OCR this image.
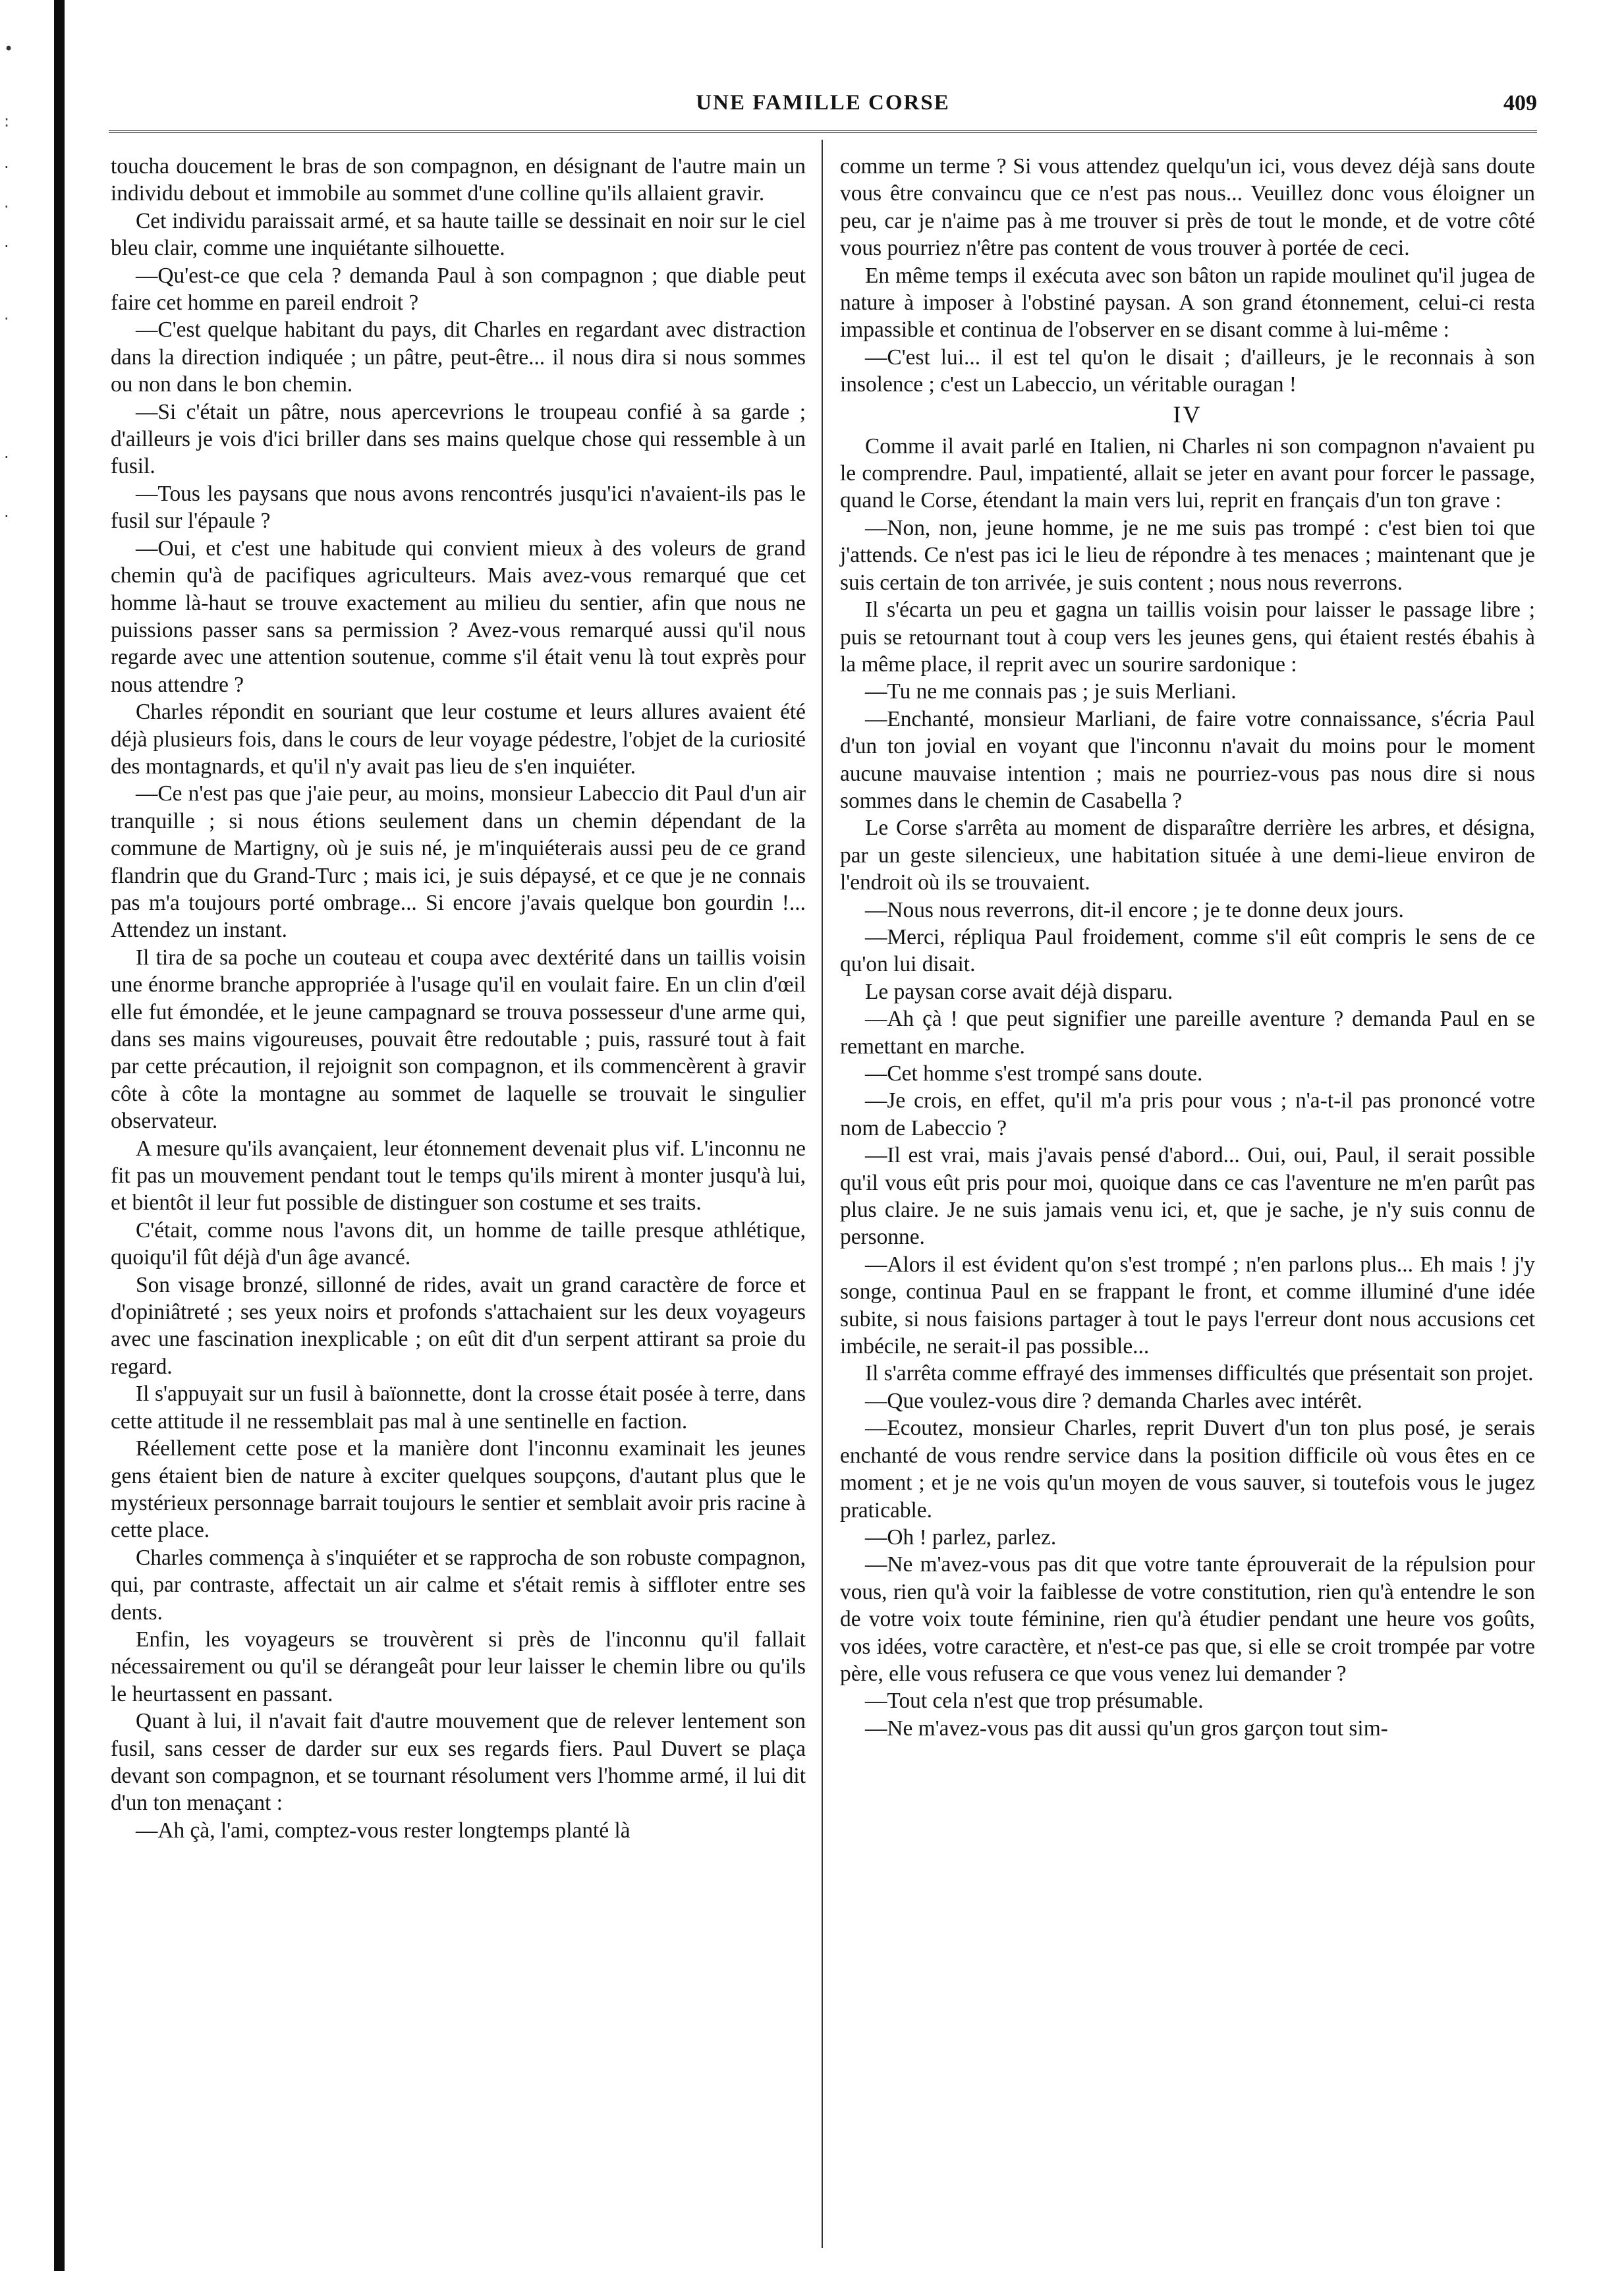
•
:
·
·
·
·
·
·
UNE FAMILLE CORSE	409

touchа doucement le bras de son compagnon, en désignant de l'autre main un individu debout et immobile au sommet d'une colline qu'ils allaient gravir.

Cet individu paraissait armé, et sa haute taille se dessinait en noir sur le ciel bleu clair, comme une inquiétante silhouette.

—Qu'est-ce que cela ? demanda Paul à son compagnon ; que diable peut faire cet homme en pareil endroit ?

—C'est quelque habitant du pays, dit Charles en regardant avec distraction dans la direction indiquée ; un pâtre, peut-être... il nous dira si nous sommes ou non dans le bon chemin.

—Si c'était un pâtre, nous apercevrions le troupeau confié à sa garde ; d'ailleurs je vois d'ici briller dans ses mains quelque chose qui ressemble à un fusil.

—Tous les paysans que nous avons rencontrés jusqu'ici n'avaient-ils pas le fusil sur l'épaule ?

—Oui, et c'est une habitude qui convient mieux à des voleurs de grand chemin qu'à de pacifiques agriculteurs. Mais avez-vous remarqué que cet homme là-haut se trouve exactement au milieu du sentier, afin que nous ne puissions passer sans sa permission ? Avez-vous remarqué aussi qu'il nous regarde avec une attention soutenue, comme s'il était venu là tout exprès pour nous attendre ?

Charles répondit en souriant que leur costume et leurs allures avaient été déjà plusieurs fois, dans le cours de leur voyage pédestre, l'objet de la curiosité des montagnards, et qu'il n'y avait pas lieu de s'en inquiéter.

—Ce n'est pas que j'aie peur, au moins, monsieur Labeccio dit Paul d'un air tranquille ; si nous étions seulement dans un chemin dépendant de la commune de Martigny, où je suis né, je m'inquiéterais aussi peu de ce grand flandrin que du Grand-Turc ; mais ici, je suis dépaysé, et ce que je ne connais pas m'a toujours porté ombrage... Si encore j'avais quelque bon gourdin !... Attendez un instant.

Il tira de sa poche un couteau et coupa avec dextérité dans un taillis voisin une énorme branche appropriée à l'usage qu'il en voulait faire. En un clin d'œil elle fut émondée, et le jeune campagnard se trouva possesseur d'une arme qui, dans ses mains vigoureuses, pouvait être redoutable ; puis, rassuré tout à fait par cette précaution, il rejoignit son compagnon, et ils commencèrent à gravir côte à côte la montagne au sommet de laquelle se trouvait le singulier observateur.

A mesure qu'ils avançaient, leur étonnement devenait plus vif. L'inconnu ne fit pas un mouvement pendant tout le temps qu'ils mirent à monter jusqu'à lui, et bientôt il leur fut possible de distinguer son costume et ses traits.

C'était, comme nous l'avons dit, un homme de taille presque athlétique, quoiqu'il fût déjà d'un âge avancé.

Son visage bronzé, sillonné de rides, avait un grand caractère de force et d'opiniâtreté ; ses yeux noirs et profonds s'attachaient sur les deux voyageurs avec une fascination inexplicable ; on eût dit d'un serpent attirant sa proie du regard.

Il s'appuyait sur un fusil à baïonnette, dont la crosse était posée à terre, dans cette attitude il ne ressemblait pas mal à une sentinelle en faction.

Réellement cette pose et la manière dont l'inconnu examinait les jeunes gens étaient bien de nature à exciter quelques soupçons, d'autant plus que le mystérieux personnage barrait toujours le sentier et semblait avoir pris racine à cette place.

Charles commença à s'inquiéter et se rapprocha de son robuste compagnon, qui, par contraste, affectait un air calme et s'était remis à siffloter entre ses dents.

Enfin, les voyageurs se trouvèrent si près de l'inconnu qu'il fallait nécessairement ou qu'il se dérangeât pour leur laisser le chemin libre ou qu'ils le heurtassent en passant.

Quant à lui, il n'avait fait d'autre mouvement que de relever lentement son fusil, sans cesser de darder sur eux ses regards fiers. Paul Duvert se plaça devant son compagnon, et se tournant résolument vers l'homme armé, il lui dit d'un ton menaçant :

—Ah çà, l'ami, comptez-vous rester longtemps planté là

comme un terme ? Si vous attendez quelqu'un ici, vous devez déjà sans doute vous être convaincu que ce n'est pas nous... Veuillez donc vous éloigner un peu, car je n'aime pas à me trouver si près de tout le monde, et de votre côté vous pourriez n'être pas content de vous trouver à portée de ceci.

En même temps il exécuta avec son bâton un rapide moulinet qu'il jugea de nature à imposer à l'obstiné paysan. A son grand étonnement, celui-ci resta impassible et continua de l'observer en se disant comme à lui-même :

—C'est lui... il est tel qu'on le disait ; d'ailleurs, je le reconnais à son insolence ; c'est un Labeccio, un véritable ouragan !

IV

Comme il avait parlé en Italien, ni Charles ni son compagnon n'avaient pu le comprendre. Paul, impatienté, allait se jeter en avant pour forcer le passage, quand le Corse, étendant la main vers lui, reprit en français d'un ton grave :

—Non, non, jeune homme, je ne me suis pas trompé : c'est bien toi que j'attends. Ce n'est pas ici le lieu de répondre à tes menaces ; maintenant que je suis certain de ton arrivée, je suis content ; nous nous reverrons.

Il s'écarta un peu et gagna un taillis voisin pour laisser le passage libre ; puis se retournant tout à coup vers les jeunes gens, qui étaient restés ébahis à la même place, il reprit avec un sourire sardonique :

—Tu ne me connais pas ; je suis Merliani.

—Enchanté, monsieur Marliani, de faire votre connaissance, s'écria Paul d'un ton jovial en voyant que l'inconnu n'avait du moins pour le moment aucune mauvaise intention ; mais ne pourriez-vous pas nous dire si nous sommes dans le chemin de Casabella ?

Le Corse s'arrêta au moment de disparaître derrière les arbres, et désigna, par un geste silencieux, une habitation située à une demi-lieue environ de l'endroit où ils se trouvaient.

—Nous nous reverrons, dit-il encore ; je te donne deux jours.

—Merci, répliqua Paul froidement, comme s'il eût compris le sens de ce qu'on lui disait.

Le paysan corse avait déjà disparu.

—Ah çà ! que peut signifier une pareille aventure ? demanda Paul en se remettant en marche.

—Cet homme s'est trompé sans doute.

—Je crois, en effet, qu'il m'a pris pour vous ; n'a-t-il pas prononcé votre nom de Labeccio ?

—Il est vrai, mais j'avais pensé d'abord... Oui, oui, Paul, il serait possible qu'il vous eût pris pour moi, quoique dans ce cas l'aventure ne m'en parût pas plus claire. Je ne suis jamais venu ici, et, que je sache, je n'y suis connu de personne.

—Alors il est évident qu'on s'est trompé ; n'en parlons plus... Eh mais ! j'y songe, continua Paul en se frappant le front, et comme illuminé d'une idée subite, si nous faisions partager à tout le pays l'erreur dont nous accusions cet imbécile, ne serait-il pas possible...

Il s'arrêta comme effrayé des immenses difficultés que présentait son projet.

—Que voulez-vous dire ? demanda Charles avec intérêt.

—Ecoutez, monsieur Charles, reprit Duvert d'un ton plus posé, je serais enchanté de vous rendre service dans la position difficile où vous êtes en ce moment ; et je ne vois qu'un moyen de vous sauver, si toutefois vous le jugez praticable.

—Oh ! parlez, parlez.

—Ne m'avez-vous pas dit que votre tante éprouverait de la répulsion pour vous, rien qu'à voir la faiblesse de votre constitution, rien qu'à entendre le son de votre voix toute féminine, rien qu'à étudier pendant une heure vos goûts, vos idées, votre caractère, et n'est-ce pas que, si elle se croit trompée par votre père, elle vous refusera ce que vous venez lui demander ?

—Tout cela n'est que trop présumable.

—Ne m'avez-vous pas dit aussi qu'un gros garçon tout sim-
